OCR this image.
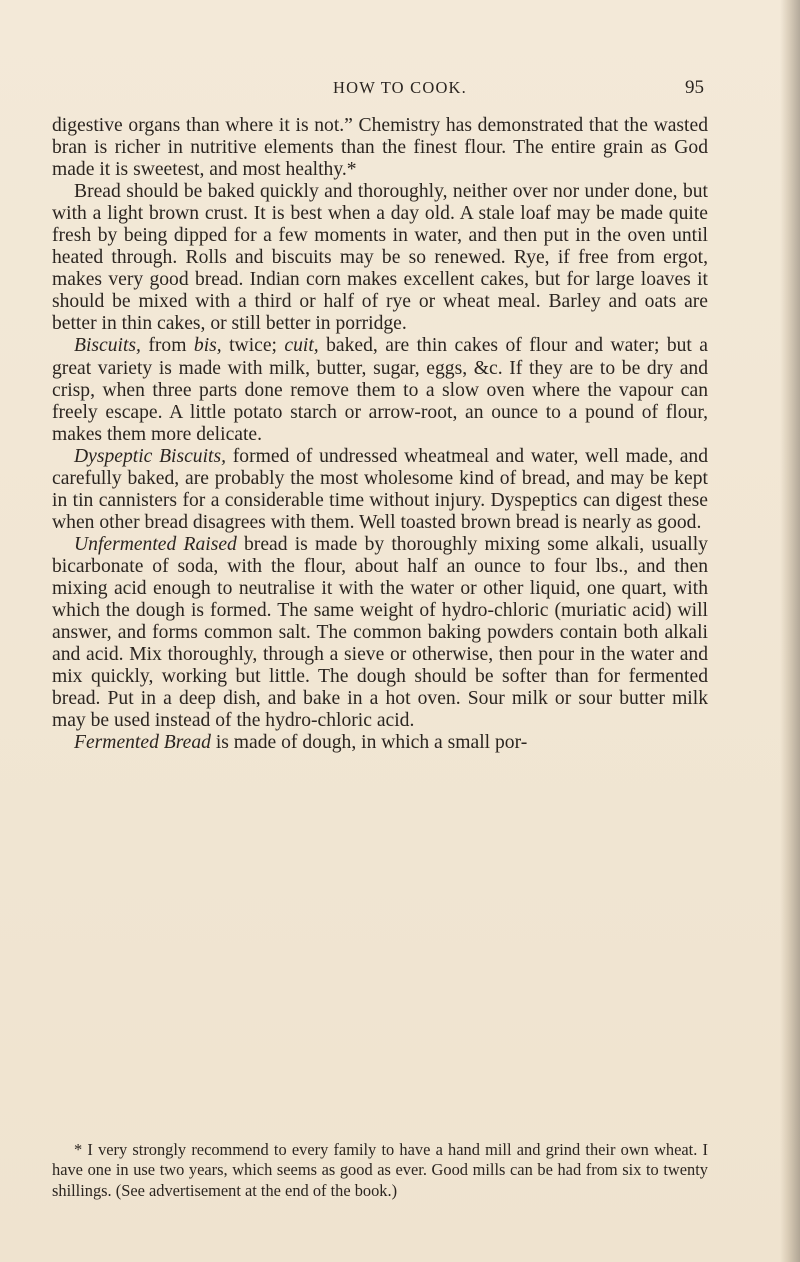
HOW TO COOK.	95

digestive organs than where it is not.” Chemistry has demonstrated that the wasted bran is richer in nutritive elements than the finest flour. The entire grain as God made it is sweetest, and most healthy.*

Bread should be baked quickly and thoroughly, neither over nor under done, but with a light brown crust. It is best when a day old. A stale loaf may be made quite fresh by being dipped for a few moments in water, and then put in the oven until heated through. Rolls and biscuits may be so renewed. Rye, if free from ergot, makes very good bread. Indian corn makes excellent cakes, but for large loaves it should be mixed with a third or half of rye or wheat meal. Barley and oats are better in thin cakes, or still better in porridge.

Biscuits, from bis, twice; cuit, baked, are thin cakes of flour and water; but a great variety is made with milk, butter, sugar, eggs, &c. If they are to be dry and crisp, when three parts done remove them to a slow oven where the vapour can freely escape. A little potato starch or arrow-root, an ounce to a pound of flour, makes them more delicate.

Dyspeptic Biscuits, formed of undressed wheatmeal and water, well made, and carefully baked, are probably the most wholesome kind of bread, and may be kept in tin cannisters for a considerable time without injury. Dyspeptics can digest these when other bread disagrees with them. Well toasted brown bread is nearly as good.

Unfermented Raised bread is made by thoroughly mixing some alkali, usually bicarbonate of soda, with the flour, about half an ounce to four lbs., and then mixing acid enough to neutralise it with the water or other liquid, one quart, with which the dough is formed. The same weight of hydro-chloric (muriatic acid) will answer, and forms common salt. The common baking powders contain both alkali and acid. Mix thoroughly, through a sieve or otherwise, then pour in the water and mix quickly, working but little. The dough should be softer than for fermented bread. Put in a deep dish, and bake in a hot oven. Sour milk or sour butter milk may be used instead of the hydro-chloric acid.

Fermented Bread is made of dough, in which a small por-

* I very strongly recommend to every family to have a hand mill and grind their own wheat. I have one in use two years, which seems as good as ever. Good mills can be had from six to twenty shillings. (See advertisement at the end of the book.)
